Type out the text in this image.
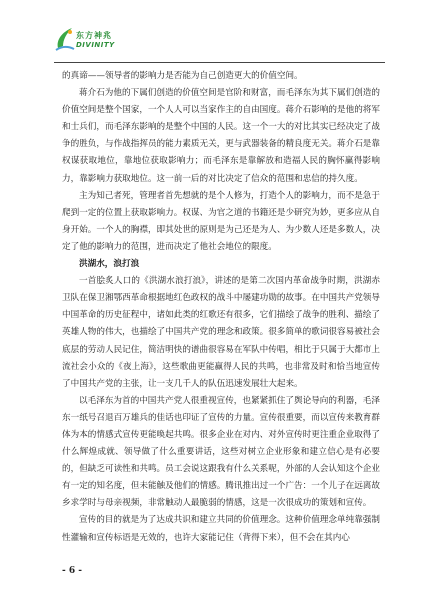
东方神兆
DIVINITY

的真谛——领导者的影响力是否能为自己创造更大的价值空间。

蒋介石为他的下属们创造的价值空间是官阶和财富，而毛泽东为其下属们创造的价值空间是整个国家，一个人人可以当家作主的自由国度。蒋介石影响的是他的将军和士兵们，而毛泽东影响的是整个中国的人民。这一个一大的对比其实已经决定了战争的胜负，与作战指挥员的能力素质无关，更与武器装备的精良度无关。蒋介石是靠权谋获取地位，靠地位获取影响力；而毛泽东是靠解放和造福人民的胸怀赢得影响力，靠影响力获取地位。这一前一后的对比决定了信众的范围和忠信的持久度。

主为知己者死，管理者首先想就的是个人修为，打造个人的影响力，而不是急于爬到一定的位置上获取影响力。权谋、为官之道的书籍还是少研究为妙，更多应从自身开始。一个人的胸襟，即其处世的原则是为己还是为人、为少数人还是多数人，决定了他的影响力的范围，进而决定了他社会地位的限度。

洪湖水，浪打浪

一首脍炙人口的《洪湖水浪打浪》，讲述的是第二次国内革命战争时期，洪湖赤卫队在保卫湘鄂西革命根据地红色政权的战斗中屡建功勋的故事。在中国共产党领导中国革命的历史征程中，诸如此类的红歌还有很多，它们描绘了战争的胜利、描绘了英雄人物的伟大，也描绘了中国共产党的理念和政策。很多简单的歌词很容易被社会底层的劳动人民记住，简洁明快的谱曲很容易在军队中传唱，相比于只属于大都市上流社会小众的《夜上海》，这些歌曲更能赢得人民的共鸣，也非常及时和恰当地宣传了中国共产党的主张，让一支几千人的队伍迅速发展壮大起来。

以毛泽东为首的中国共产党人很重视宣传，也紧紧抓住了舆论导向的利器，毛泽东一纸号召退百万雄兵的佳话也印证了宣传的力量。宣传很重要，而以宣传来教育群体为本的情感式宣传更能唤起共鸣。很多企业在对内、对外宣传时更注重企业取得了什么辉煌成就、领导做了什么重要讲话，这些对树立企业形象和建立信心是有必要的，但缺乏可读性和共鸣。员工会说这跟我有什么关系呢，外部的人会认知这个企业有一定的知名度，但未能触及他们的情感。腾讯推出过一个广告：一个儿子在远离故乡求学时与母亲视频，非常触动人最脆弱的情感，这是一次很成功的策划和宣传。

宣传的目的就是为了达成共识和建立共同的价值理念。这种价值理念单纯靠强制性灌输和宣传标语是无效的，也许大家能记住（背得下来），但不会在其内心

- 6 -
